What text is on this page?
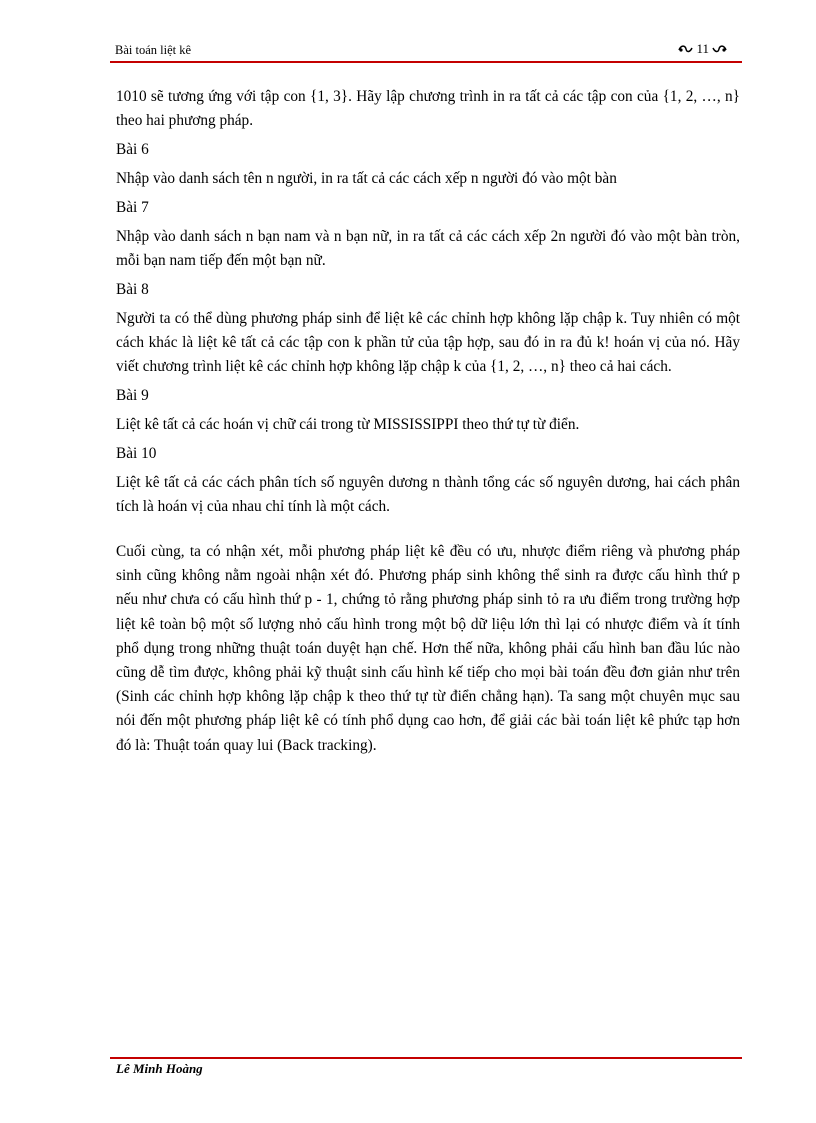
Bài toán liệt kê	11

1010 sẽ tương ứng với tập con {1, 3}. Hãy lập chương trình in ra tất cả các tập con của {1, 2, …, n} theo hai phương pháp.

Bài 6

Nhập vào danh sách tên n người, in ra tất cả các cách xếp n người đó vào một bàn

Bài 7

Nhập vào danh sách n bạn nam và n bạn nữ, in ra tất cả các cách xếp 2n người đó vào một bàn tròn, mỗi bạn nam tiếp đến một bạn nữ.

Bài 8

Người ta có thể dùng phương pháp sinh để liệt kê các chỉnh hợp không lặp chập k. Tuy nhiên có một cách khác là liệt kê tất cả các tập con k phần tử của tập hợp, sau đó in ra đủ k! hoán vị của nó. Hãy viết chương trình liệt kê các chỉnh hợp không lặp chập k của {1, 2, …, n} theo cả hai cách.

Bài 9

Liệt kê tất cả các hoán vị chữ cái trong từ MISSISSIPPI theo thứ tự từ điển.

Bài 10

Liệt kê tất cả các cách phân tích số nguyên dương n thành tổng các số nguyên dương, hai cách phân tích là hoán vị của nhau chỉ tính là một cách.

Cuối cùng, ta có nhận xét, mỗi phương pháp liệt kê đều có ưu, nhược điểm riêng và phương pháp sinh cũng không nằm ngoài nhận xét đó. Phương pháp sinh không thể sinh ra được cấu hình thứ p nếu như chưa có cấu hình thứ p - 1, chứng tỏ rằng phương pháp sinh tỏ ra ưu điểm trong trường hợp liệt kê toàn bộ một số lượng nhỏ cấu hình trong một bộ dữ liệu lớn thì lại có nhược điểm và ít tính phổ dụng trong những thuật toán duyệt hạn chế. Hơn thế nữa, không phải cấu hình ban đầu lúc nào cũng dễ tìm được, không phải kỹ thuật sinh cấu hình kế tiếp cho mọi bài toán đều đơn giản như trên (Sinh các chỉnh hợp không lặp chập k theo thứ tự từ điển chẳng hạn). Ta sang một chuyên mục sau nói đến một phương pháp liệt kê có tính phổ dụng cao hơn, để giải các bài toán liệt kê phức tạp hơn đó là: Thuật toán quay lui (Back tracking).

Lê Minh Hoàng
